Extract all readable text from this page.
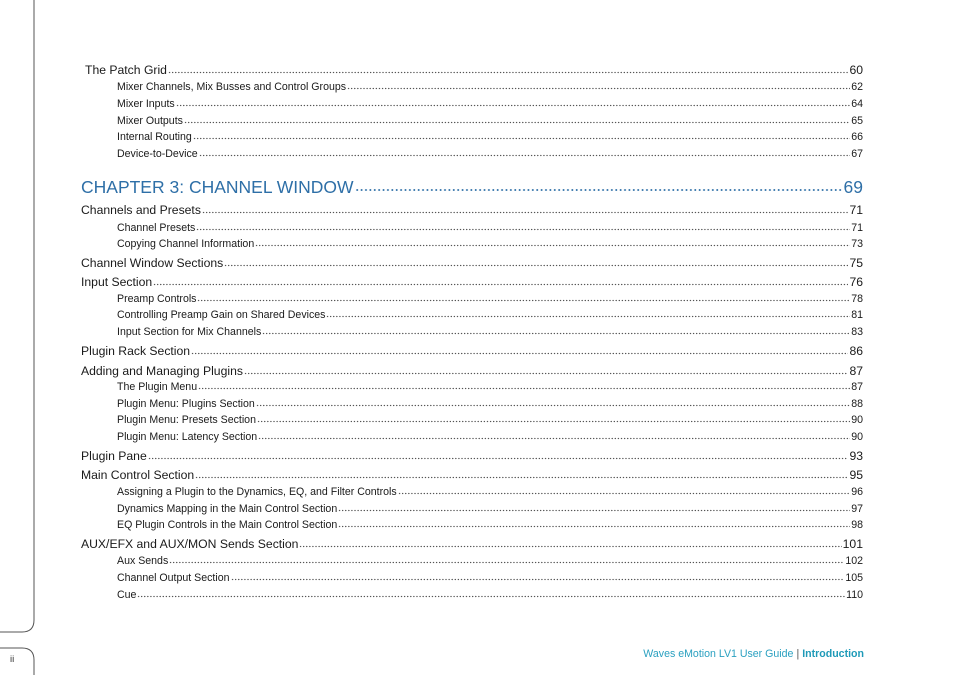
The Patch Grid	60
Mixer Channels, Mix Busses and Control Groups	62
Mixer Inputs	64
Mixer Outputs	65
Internal Routing	66
Device-to-Device	67
CHAPTER 3: CHANNEL WINDOW	69
Channels and Presets	71
Channel Presets	71
Copying Channel Information	73
Channel Window Sections	75
Input Section	76
Preamp Controls	78
Controlling Preamp Gain on Shared Devices	81
Input Section for Mix Channels	83
Plugin Rack Section	86
Adding and Managing Plugins	87
The Plugin Menu	87
Plugin Menu: Plugins Section	88
Plugin Menu: Presets Section	90
Plugin Menu: Latency Section	90
Plugin Pane	93
Main Control Section	95
Assigning a Plugin to the Dynamics, EQ, and Filter Controls	96
Dynamics Mapping in the Main Control Section	97
EQ Plugin Controls in the Main Control Section	98
AUX/EFX and AUX/MON Sends Section	101
Aux Sends	102
Channel Output Section	105
Cue	110
ii	Waves eMotion LV1 User Guide | Introduction
